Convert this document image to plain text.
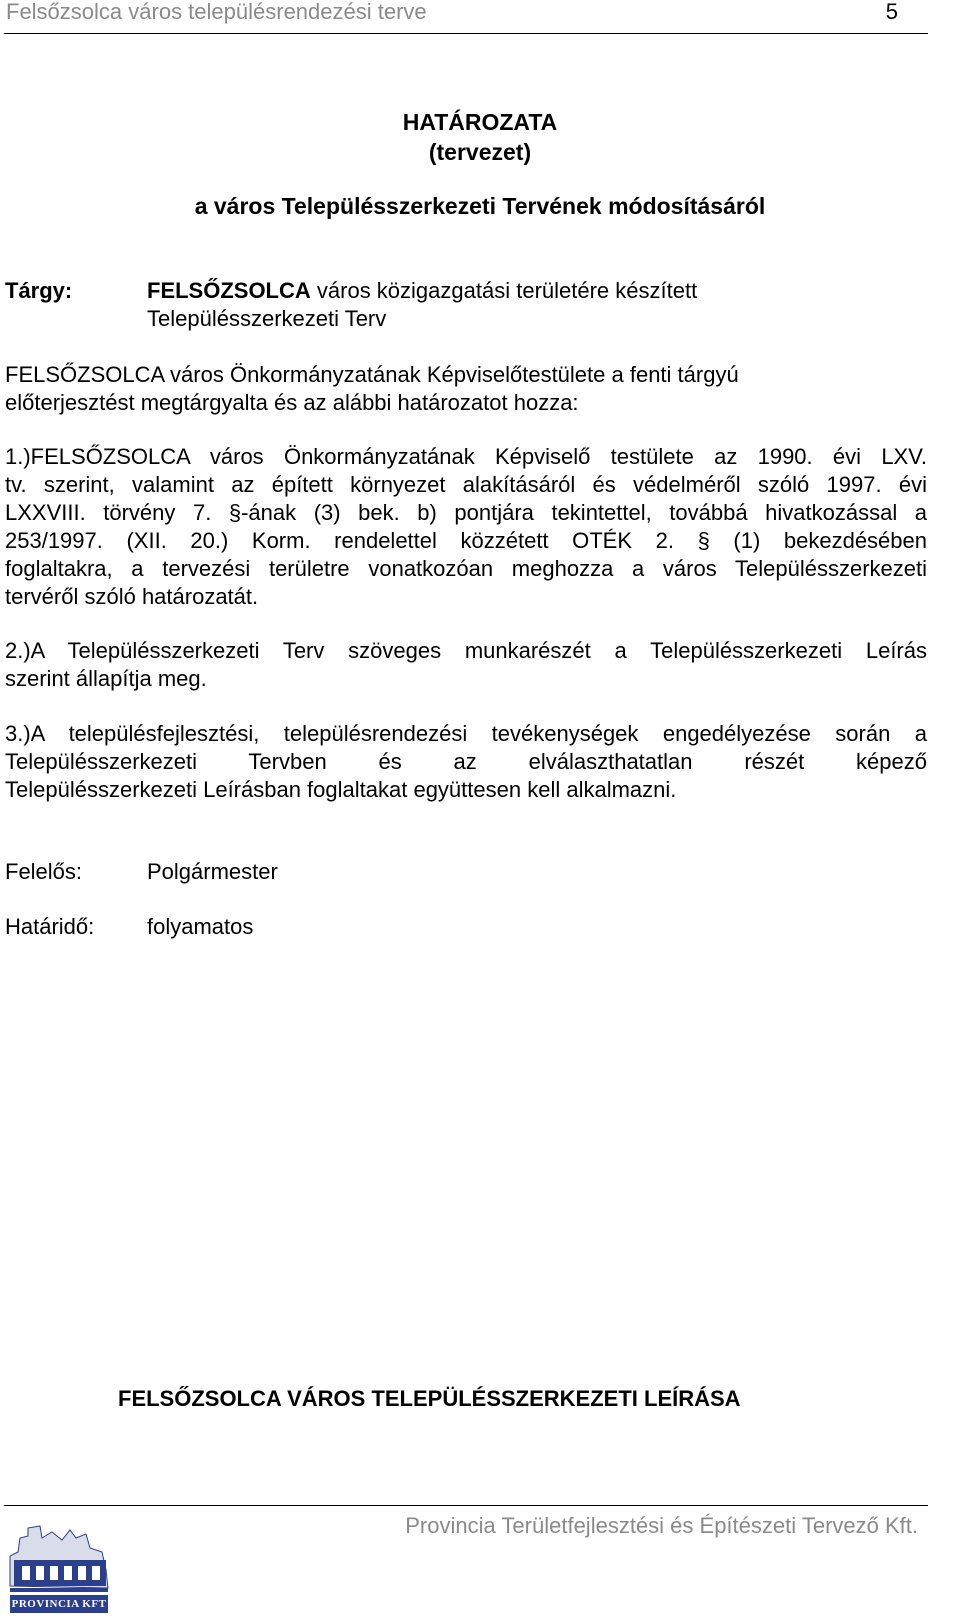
Felsőzsolca város településrendezési terve	5
HATÁROZATA
(tervezet)
a város Településszerkezeti Tervének módosításáról
Tárgy:	FELSŐZSOLCA város közigazgatási területére készített
Településszerkezeti Terv
FELSŐZSOLCA város Önkormányzatának Képviselőtestülete a fenti tárgyú
előterjesztést megtárgyalta és az alábbi határozatot hozza:
1.)FELSŐZSOLCA város Önkormányzatának Képviselő testülete az 1990. évi LXV.
tv. szerint, valamint az épített környezet alakításáról és védelméről szóló 1997. évi
LXXVIII. törvény 7. §-ának (3) bek. b) pontjára tekintettel, továbbá hivatkozással a
253/1997. (XII. 20.) Korm. rendelettel közzétett OTÉK 2. § (1) bekezdésében
foglaltakra, a tervezési területre vonatkozóan meghozza a város Településszerkezeti
tervéről szóló határozatát.
2.)A Településszerkezeti Terv szöveges munkarészét a Településszerkezeti Leírás
szerint állapítja meg.
3.)A településfejlesztési, településrendezési tevékenységek engedélyezése során a
Településszerkezeti Tervben és az elválaszthatatlan részét képező
Településszerkezeti Leírásban foglaltakat együttesen kell alkalmazni.
Felelős:	Polgármester
Határidő: folyamatos
FELSŐZSOLCA VÁROS TELEPÜLÉSSZERKEZETI LEÍRÁSA
PROVINCIA KFT
Provincia Területfejlesztési és Építészeti Tervező Kft.
